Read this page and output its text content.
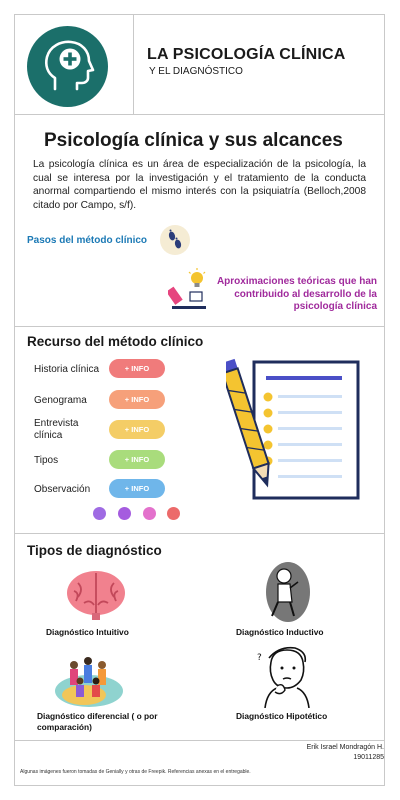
LA PSICOLOGÍA CLÍNICA
Y EL DIAGNÓSTICO
Psicología clínica y sus alcances
La psicología clínica es un área de especialización de la psicología, la cual se interesa por la investigación y el tratamiento de la conducta anormal compartiendo el mismo interés con la psiquiatría (Belloch,2008 citado por Campo, s/f).
Pasos del método clínico
Aproximaciones teóricas que han contribuido al desarrollo de la psicología clínica
Recurso del método clínico
Historia clínica
Genograma
Entrevista clínica
Tipos
Observación
+ INFO
+ INFO
+ INFO
+ INFO
+ INFO
Tipos de diagnóstico
Diagnóstico Intuitivo	Diagnóstico Inductivo
Diagnóstico diferencial ( o por comparación)
?
Diagnóstico Hipotético
Erik Israel Mondragón H.
19011285
Algunas imágenes fueron tomadas de Genially y otras de Freepik. Referencias anexas en el entregable.
